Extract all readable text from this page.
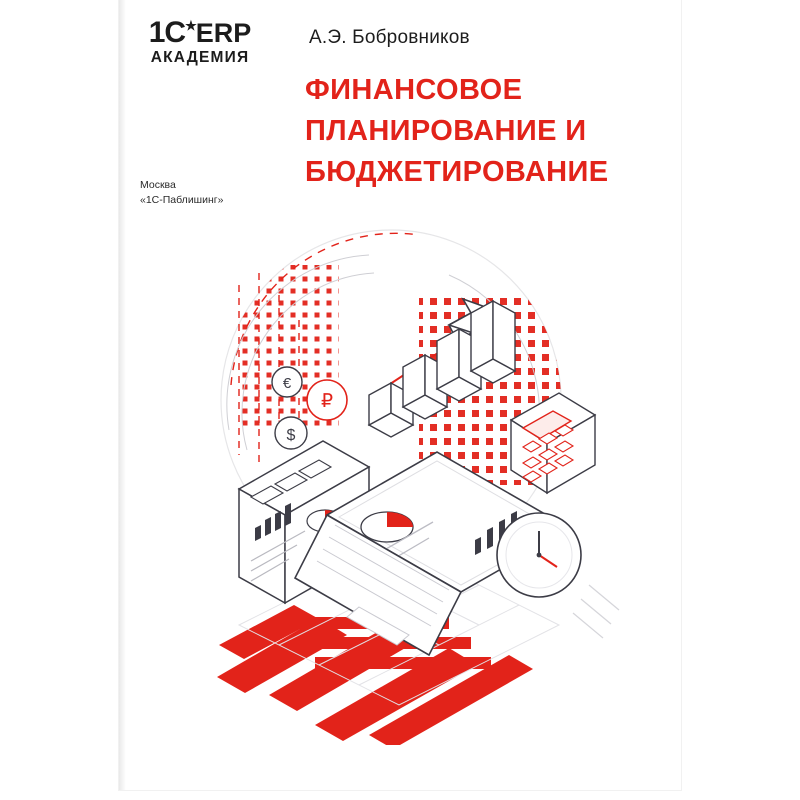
1C★ERP
АКАДЕМИЯ
А.Э. Бобровников
ФИНАНСОВОЕ
ПЛАНИРОВАНИЕ И
БЮДЖЕТИРОВАНИЕ
Москва
«1С-Паблишинг»
€
₽
$
